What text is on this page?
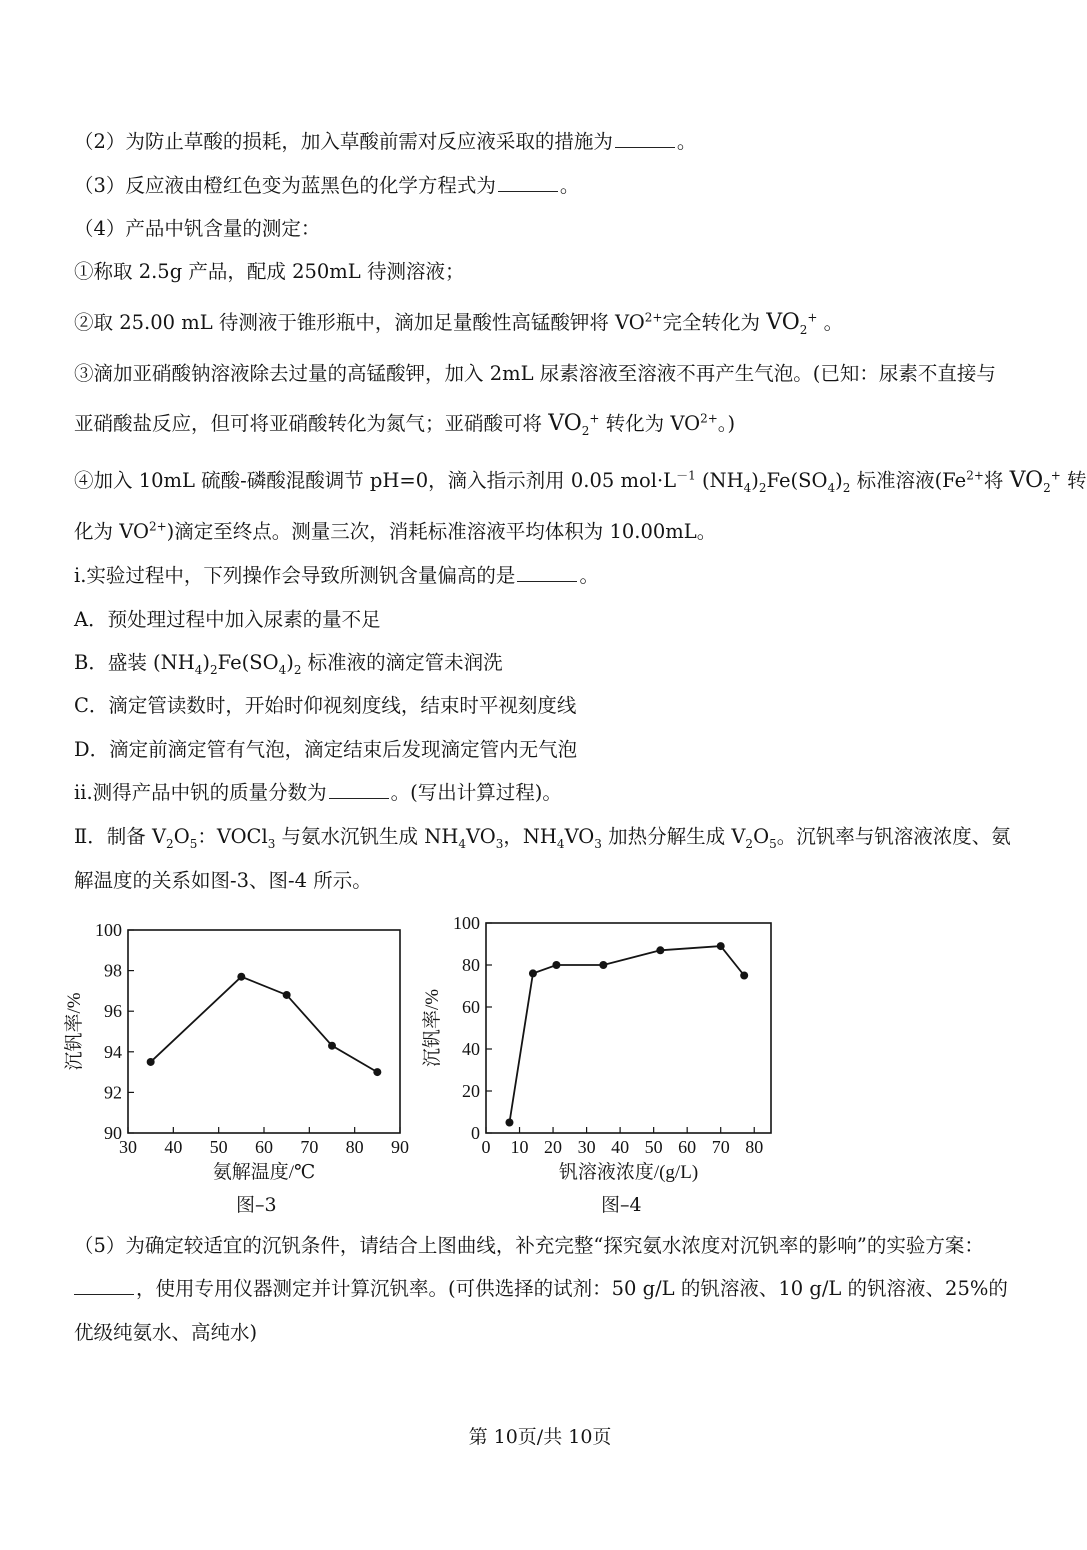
（2）为防止草酸的损耗，加入草酸前需对反应液采取的措施为	。
（3）反应液由橙红色变为蓝黑色的化学方程式为	。
（4）产品中钒含量的测定：
①称取 2.5g 产品，配成 250mL 待测溶液；
②取 25.00 mL 待测液于锥形瓶中，滴加足量酸性高锰酸钾将 $VO^{2+}$完全转化为 $VO_2^+$ 。
③滴加亚硝酸钠溶液除去过量的高锰酸钾，加入 2mL 尿素溶液至溶液不再产生气泡。(已知：尿素不直接与
亚硝酸盐反应，但可将亚硝酸转化为氮气；亚硝酸可将 $VO_2^+$ 转化为 $VO^{2+}$。)
④加入 10mL 硫酸-磷酸混酸调节 pH=0，滴入指示剂用 0.05 $mol\cdot L^{-1}$ $(NH_4)_2Fe(SO_4)_2$ 标准溶液($Fe^{2+}$将 $VO_2^+$ 转
化为 $VO^{2+}$)滴定至终点。测量三次，消耗标准溶液平均体积为 10.00mL。
ⅰ.实验过程中，下列操作会导致所测钒含量偏高的是	。
A．预处理过程中加入尿素的量不足
B．盛装 $(NH_4)_2Fe(SO_4)_2$ 标准液的滴定管未润洗
C．滴定管读数时，开始时仰视刻度线，结束时平视刻度线
D．滴定前滴定管有气泡，滴定结束后发现滴定管内无气泡
ⅱ.测得产品中钒的质量分数为	。(写出计算过程)。
Ⅱ．制备 $V_2O_5$：VOCl$_3$ 与氨水沉钒生成 $NH_4VO_3$，$NH_4VO_3$ 加热分解生成 $V_2O_5$。沉钒率与钒溶液浓度、氨
解温度的关系如图-3、图-4 所示。
30 40 50 60 70 80 90
90
92
94
96
98
100
氨解温度/℃
沉钒率/%
0 10 20 30 40 50 60 70 80
0
20
40
60
80
100
钒溶液浓度/(g/L)
沉钒率/%
图–3	图–4
（5）为确定较适宜的沉钒条件，请结合上图曲线，补充完整“探究氨水浓度对沉钒率的影响”的实验方案：
，使用专用仪器测定并计算沉钒率。(可供选择的试剂：50 g/L 的钒溶液、10 g/L 的钒溶液、25%的
优级纯氨水、高纯水)
第 10页/共 10页
